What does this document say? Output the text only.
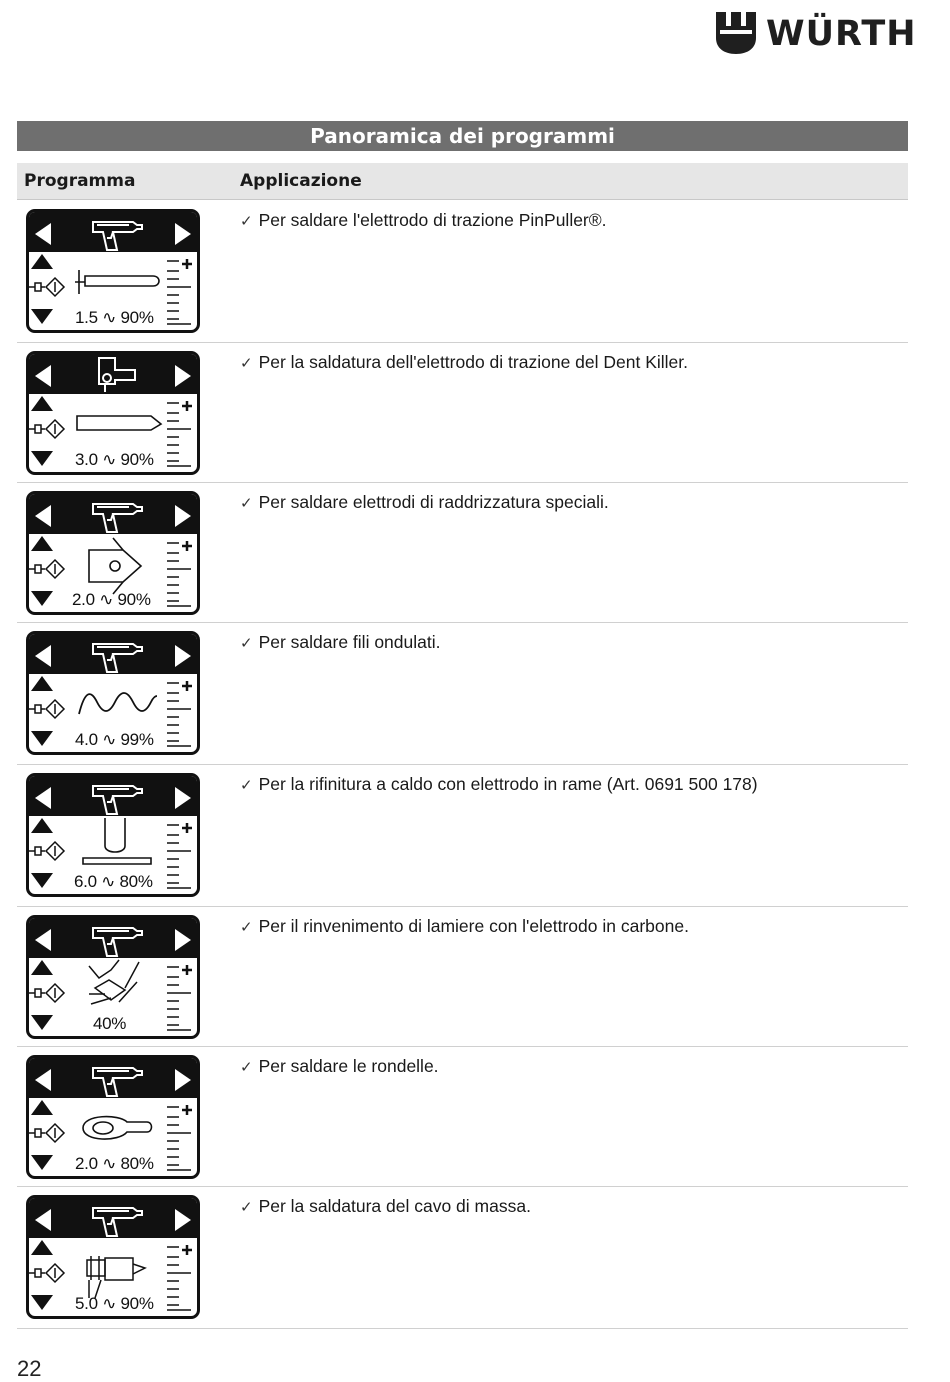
WÜRTH
Panoramica dei programmi
Programma	Applicazione
1.5 ∿ 90%
✓ Per saldare l'elettrodo di trazione PinPuller®.
3.0 ∿ 90%
✓ Per la saldatura dell'elettrodo di trazione del Dent Killer.
2.0 ∿ 90%
✓ Per saldare elettrodi di raddrizzatura speciali.
4.0 ∿ 99%
✓ Per saldare fili ondulati.
6.0 ∿ 80%
✓ Per la rifinitura a caldo con elettrodo in rame (Art. 0691 500 178)
40%
✓ Per il rinvenimento di lamiere con l'elettrodo in carbone.
2.0 ∿ 80%
✓ Per saldare le rondelle.
5.0 ∿ 90%
✓ Per la saldatura del cavo di massa.
22
